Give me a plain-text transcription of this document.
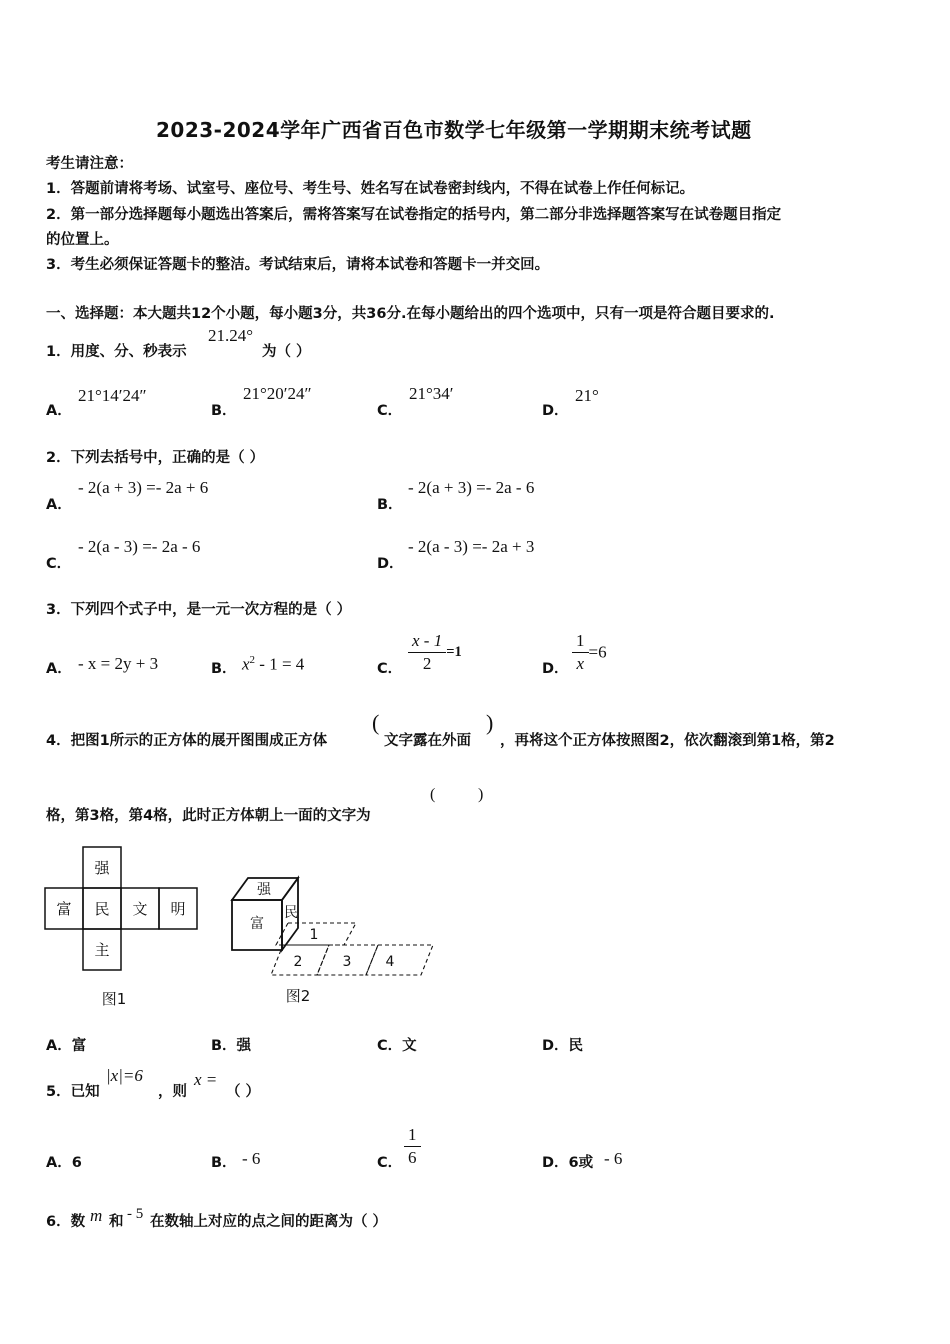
2023-2024学年广西省百色市数学七年级第一学期期末统考试题
考生请注意：
1．答题前请将考场、试室号、座位号、考生号、姓名写在试卷密封线内，不得在试卷上作任何标记。
2．第一部分选择题每小题选出答案后，需将答案写在试卷指定的括号内，第二部分非选择题答案写在试卷题目指定
的位置上。
3．考生必须保证答题卡的整洁。考试结束后，请将本试卷和答题卡一并交回。
一、选择题：本大题共12个小题，每小题3分，共36分.在每小题给出的四个选项中，只有一项是符合题目要求的.
1．用度、分、秒表示
21.24°
为（ ）
A．
21°14′24″
B．
21°20′24″
C．
21°34′
D．
21°
2．下列去括号中，正确的是（ ）
A．
- 2(a + 3) =- 2a + 6
B．
- 2(a + 3) =- 2a - 6
C．
- 2(a - 3) =- 2a - 6
D．
- 2(a - 3) =- 2a + 3
3．下列四个式子中，是一元一次方程的是（ ）
A． - x = 2y + 3	B． $x^2 - 1 = 4$	C． $\frac{x - 1}{2} =1$
D． $\frac{1}{x} =6$
4．把图1所示的正方体的展开图围成正方体
(
文字露在外面
)
，再将这个正方体按照图2，依次翻滚到第1格，第2
格，第3格，第4格，此时正方体朝上一面的文字为
(	)
强
富 民 文 明
主
图1
强
富
民
1
2	3 4
图2
A．富	B．强	C．文	D．民
5．已知
|x|=6
，则
x =
（ ）
A．6	B． - 6	C． $\frac{1}{6}$	D．6或 - 6
6．数 m 和 - 5 在数轴上对应的点之间的距离为（ ）
